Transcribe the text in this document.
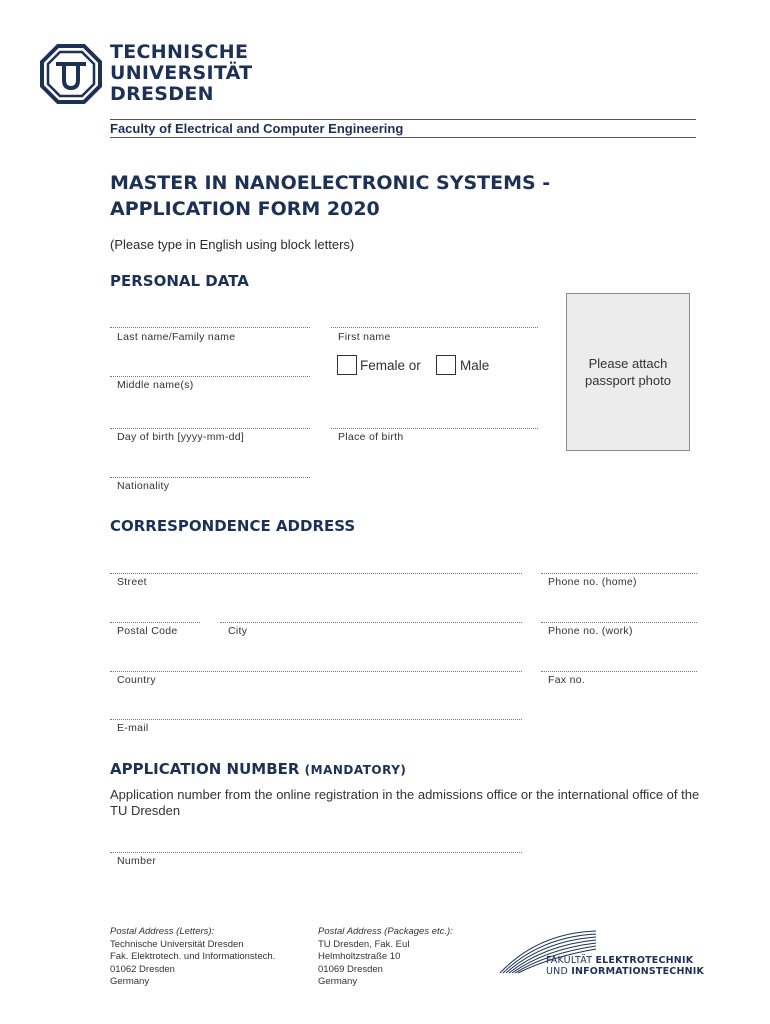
TECHNISCHE
UNIVERSITÄT
DRESDEN
Faculty of Electrical and Computer Engineering
MASTER IN NANOELECTRONIC SYSTEMS -
APPLICATION FORM 2020
(Please type in English using block letters)
PERSONAL DATA
Last name/Family name	First name
Female or	Male
Middle name(s)
Day of birth [yyyy-mm-dd]	Place of birth
Nationality
Please attach passport photo
CORRESPONDENCE ADDRESS
Street	Phone no. (home)
Postal Code	City	Phone no. (work)
Country	Fax no.
E-mail
APPLICATION NUMBER (MANDATORY)
Application number from the online registration in the admissions office or the international office of the TU Dresden
Number
Postal Address (Letters):
Technische Universität Dresden
Fak. Elektrotech. und Informationstech.
01062 Dresden
Germany
Postal Address (Packages etc.):
TU Dresden, Fak. EuI
Helmholtzstraße 10
01069 Dresden
Germany
FAKULTÄT ELEKTROTECHNIK
UND INFORMATIONSTECHNIK
